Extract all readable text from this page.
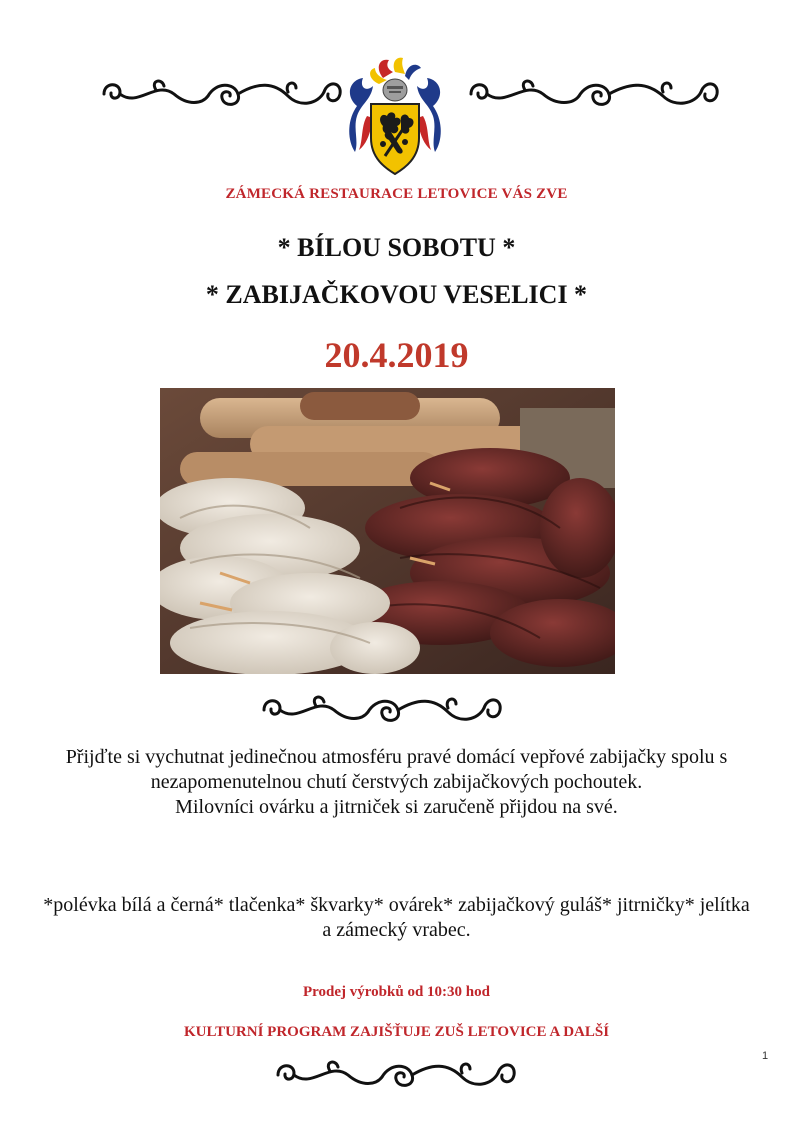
ZÁMECKÁ RESTAURACE LETOVICE VÁS ZVE
* BÍLOU SOBOTU *
* ZABIJAČKOVOU VESELICI *
20.4.2019

Přijďte si vychutnat jedinečnou atmosféru pravé domácí vepřové zabijačky spolu s nezapomenutelnou chutí čerstvých zabijačkových pochoutek.

Milovníci ovárku a jitrniček si zaručeně přijdou na své.

*polévka bílá a černá* tlačenka* škvarky* ovárek* zabijačkový guláš* jitrničky* jelítka a zámecký vrabec.
Prodej výrobků od 10:30 hod
KULTURNÍ PROGRAM ZAJIŠŤUJE ZUŠ LETOVICE A DALŠÍ
1
